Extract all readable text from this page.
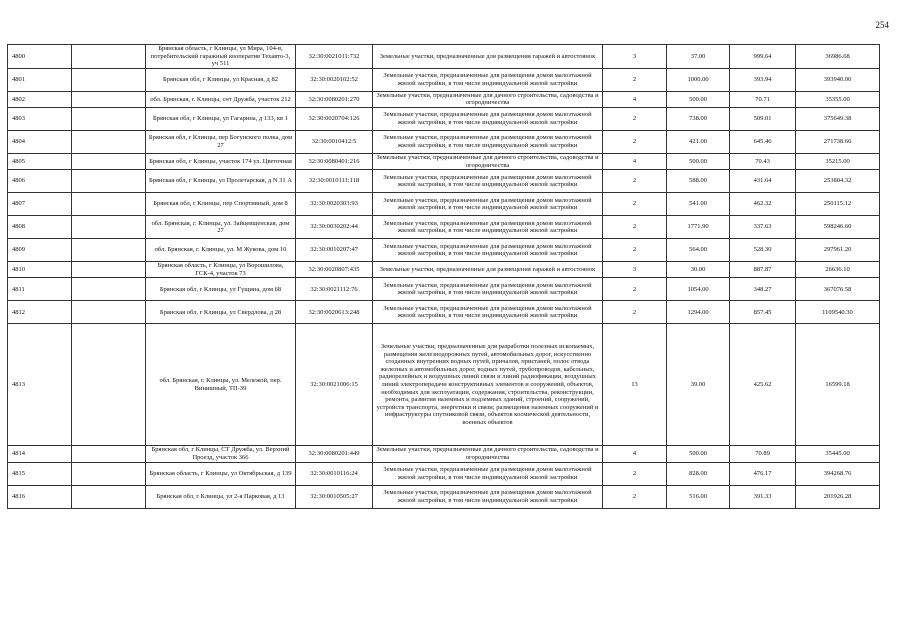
254
4800		Брянская область, г Клинцы, ул Мира, 104-в, потребительский гаражный кооператив Техавто-3, уч 511	32:30:0021011:732	Земельные участки, предназначенные для размещения гаражей и автостоянок	3	37.00	999.64	36986.68
4801		Брянская обл, г Клинцы, ул Красная, д 82	32:30:0020102:52	Земельные участки, предназначенные для размещения домов малоэтажной жилой застройки, в том числе индивидуальной жилой застройки	2	1000.00	393.94	393940.00
4802		обл. Брянская, г. Клинцы, снт Дружба, участок 212	32:30:0080201:270	Земельные участки, предназначенные для дачного строительства, садоводства и огородничества	4	500.00	70.71	35355.00
4803		Брянская обл, г Клинцы, ул Гагарина, д 133, кв 1	32:30:0020704:126	Земельные участки, предназначенные для размещения домов малоэтажной жилой застройки, в том числе индивидуальной жилой застройки	2	738.00	509.01	375649.38
4804		Брянская обл, г Клинцы, пер Богунского полка, дом 27	32:30:0010412:5	Земельные участки, предназначенные для размещения домов малоэтажной жилой застройки, в том числе индивидуальной жилой застройки	2	421.00	645.46	271738.66
4805		Брянская обл, г Клинцы, участок 174 ул. Цветочная	32:30:0080401:216	Земельные участки, предназначенные для дачного строительства, садоводства и огородничества	4	500.00	70.43	35215.00
4806		Брянская обл, г Клинцы, ул Пролетарская, д N 31 А	32:30:0010111:118	Земельные участки, предназначенные для размещения домов малоэтажной жилой застройки, в том числе индивидуальной жилой застройки	2	588.00	431.64	253804.32
4807		Брянская обл, г Клинцы, пер Спортивный, дом 8	32:30:0020303:93	Земельные участки, предназначенные для размещения домов малоэтажной жилой застройки, в том числе индивидуальной жилой застройки	2	541.00	462.32	250115.12
4808		обл. Брянская, г. Клинцы, ул. Зайцевщенская, дом 27	32:30:0030202:44	Земельные участки, предназначенные для размещения домов малоэтажной жилой застройки, в том числе индивидуальной жилой застройки	2	1771.90	337.63	598246.60
4809		обл. Брянская, г. Клинцы, ул. М Жукова, дом 10	32:30:0010207:47	Земельные участки, предназначенные для размещения домов малоэтажной жилой застройки, в том числе индивидуальной жилой застройки	2	564.00	528.30	297961.20
4810		Брянская область, г Клинцы, ул Ворошилова, ГСК-4, участок 73	32:30:0020807:435	Земельные участки, предназначенные для размещения гаражей и автостоянок	3	30.00	887.87	26636.10
4811		Брянская обл, г Клинцы, ул Гүщина, дом 68	32:30:0021112:76	Земельные участки, предназначенные для размещения домов малоэтажной жилой застройки, в том числе индивидуальной жилой застройки	2	1054.00	348.27	367076.58
4812		Брянская обл, г Клинцы, ул Свердлова, д 28	32:30:0020613:248	Земельные участки, предназначенные для размещения домов малоэтажной жилой застройки, в том числе индивидуальной жилой застройки	2	1294.00	857.45	1109540.30
4813		обл. Брянская, г. Клинцы, ул. Мележой, пер. Винишный, ТП-39	32:30:0021006:15	Земельные участки, предназначенные для разработки полезных ископаемых, размещения железнодорожных путей, автомобильных дорог, искусственно созданных внутренних водных путей, причалов, пристаней, полос отвода железных и автомобильных дорог, водных путей, трубопроводов, кабельных, радиорелейных и воздушных линий связи и линий радиофикации, воздушных линий электропередачи конструктивных элементов и сооружений, объектов, необходимых для эксплуатации, содержания, строительства, реконструкции, ремонта, развития наземных и подземных зданий, строений, сооружений, устройств транспорта, энергетики и связи; размещения наземных сооружений и инфраструктуры спутниковой связи, объектов космической деятельности, военных объектов	13	39.00	425.62	16599.18
4814		Брянская обл, г Клинцы, СТ Дружба, ул. Верхний Проезд, участок 366	32:30:0080201:449	Земельные участки, предназначенные для дачного строительства, садоводства и огородничества	4	500.00	70.89	35445.00
4815		Брянская область, г Клинцы, ул Октябрьская, д 139	32:30:0010116:24	Земельные участки, предназначенные для размещения домов малоэтажной жилой застройки, в том числе индивидуальной жилой застройки	2	828.00	476.17	394268.76
4816		Брянская обл, г Клинцы, ул 2-я Парковая, д 13	32:30:0010505:27	Земельные участки, предназначенные для размещения домов малоэтажной жилой застройки, в том числе индивидуальной жилой застройки	2	516.00	391.33	201926.28
